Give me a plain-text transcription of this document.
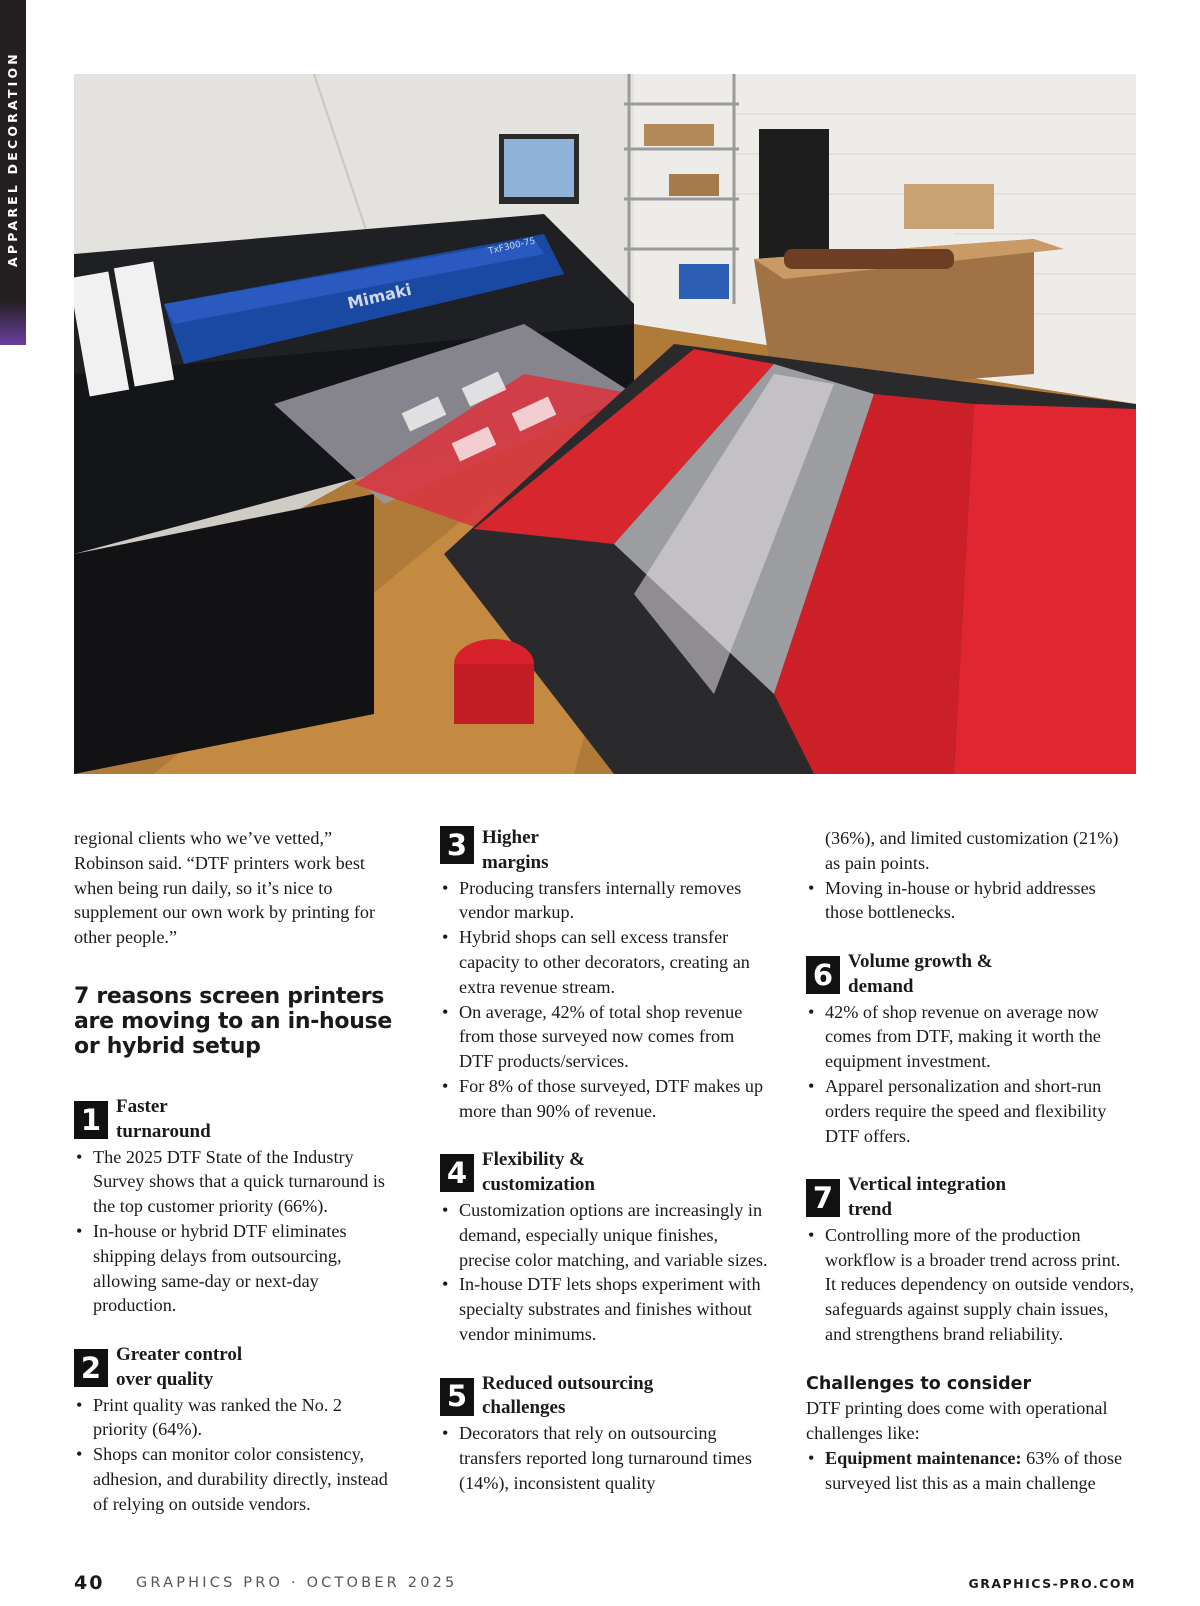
APPAREL DECORATION
Mimaki
TxF300-75

regional clients who we’ve vetted,” Robinson said. “DTF printers work best when being run daily, so it’s nice to supplement our own work by printing for other people.”

7 reasons screen printers are moving to an in-house or hybrid setup
1 Faster turnaround
• The 2025 DTF State of the Industry Survey shows that a quick turnaround is the top customer priority (66%).
• In-house or hybrid DTF eliminates shipping delays from outsourcing, allowing same-day or next-day production.
2 Greater control over quality
• Print quality was ranked the No. 2 priority (64%).
• Shops can monitor color consistency, adhesion, and durability directly, instead of relying on outside vendors.
3 Higher margins
• Producing transfers internally removes vendor markup.
• Hybrid shops can sell excess transfer capacity to other decorators, creating an extra revenue stream.
• On average, 42% of total shop revenue from those surveyed now comes from DTF products/services.
• For 8% of those surveyed, DTF makes up more than 90% of revenue.
4 Flexibility & customization
• Customization options are increasingly in demand, especially unique finishes, precise color matching, and variable sizes.
• In-house DTF lets shops experiment with specialty substrates and finishes without vendor minimums.
5 Reduced outsourcing challenges
• Decorators that rely on outsourcing transfers reported long turnaround times (14%), inconsistent quality
(36%), and limited customization (21%) as pain points.
• Moving in-house or hybrid addresses those bottlenecks.
6 Volume growth & demand
• 42% of shop revenue on average now comes from DTF, making it worth the equipment investment.
• Apparel personalization and short-run orders require the speed and flexibility DTF offers.
7 Vertical integration trend
• Controlling more of the production workflow is a broader trend across print. It reduces dependency on outside vendors, safeguards against supply chain issues, and strengthens brand reliability.
Challenges to consider

DTF printing does come with operational challenges like:

• Equipment maintenance: 63% of those surveyed list this as a main challenge
40 GRAPHICS PRO · OCTOBER 2025	GRAPHICS-PRO.COM
